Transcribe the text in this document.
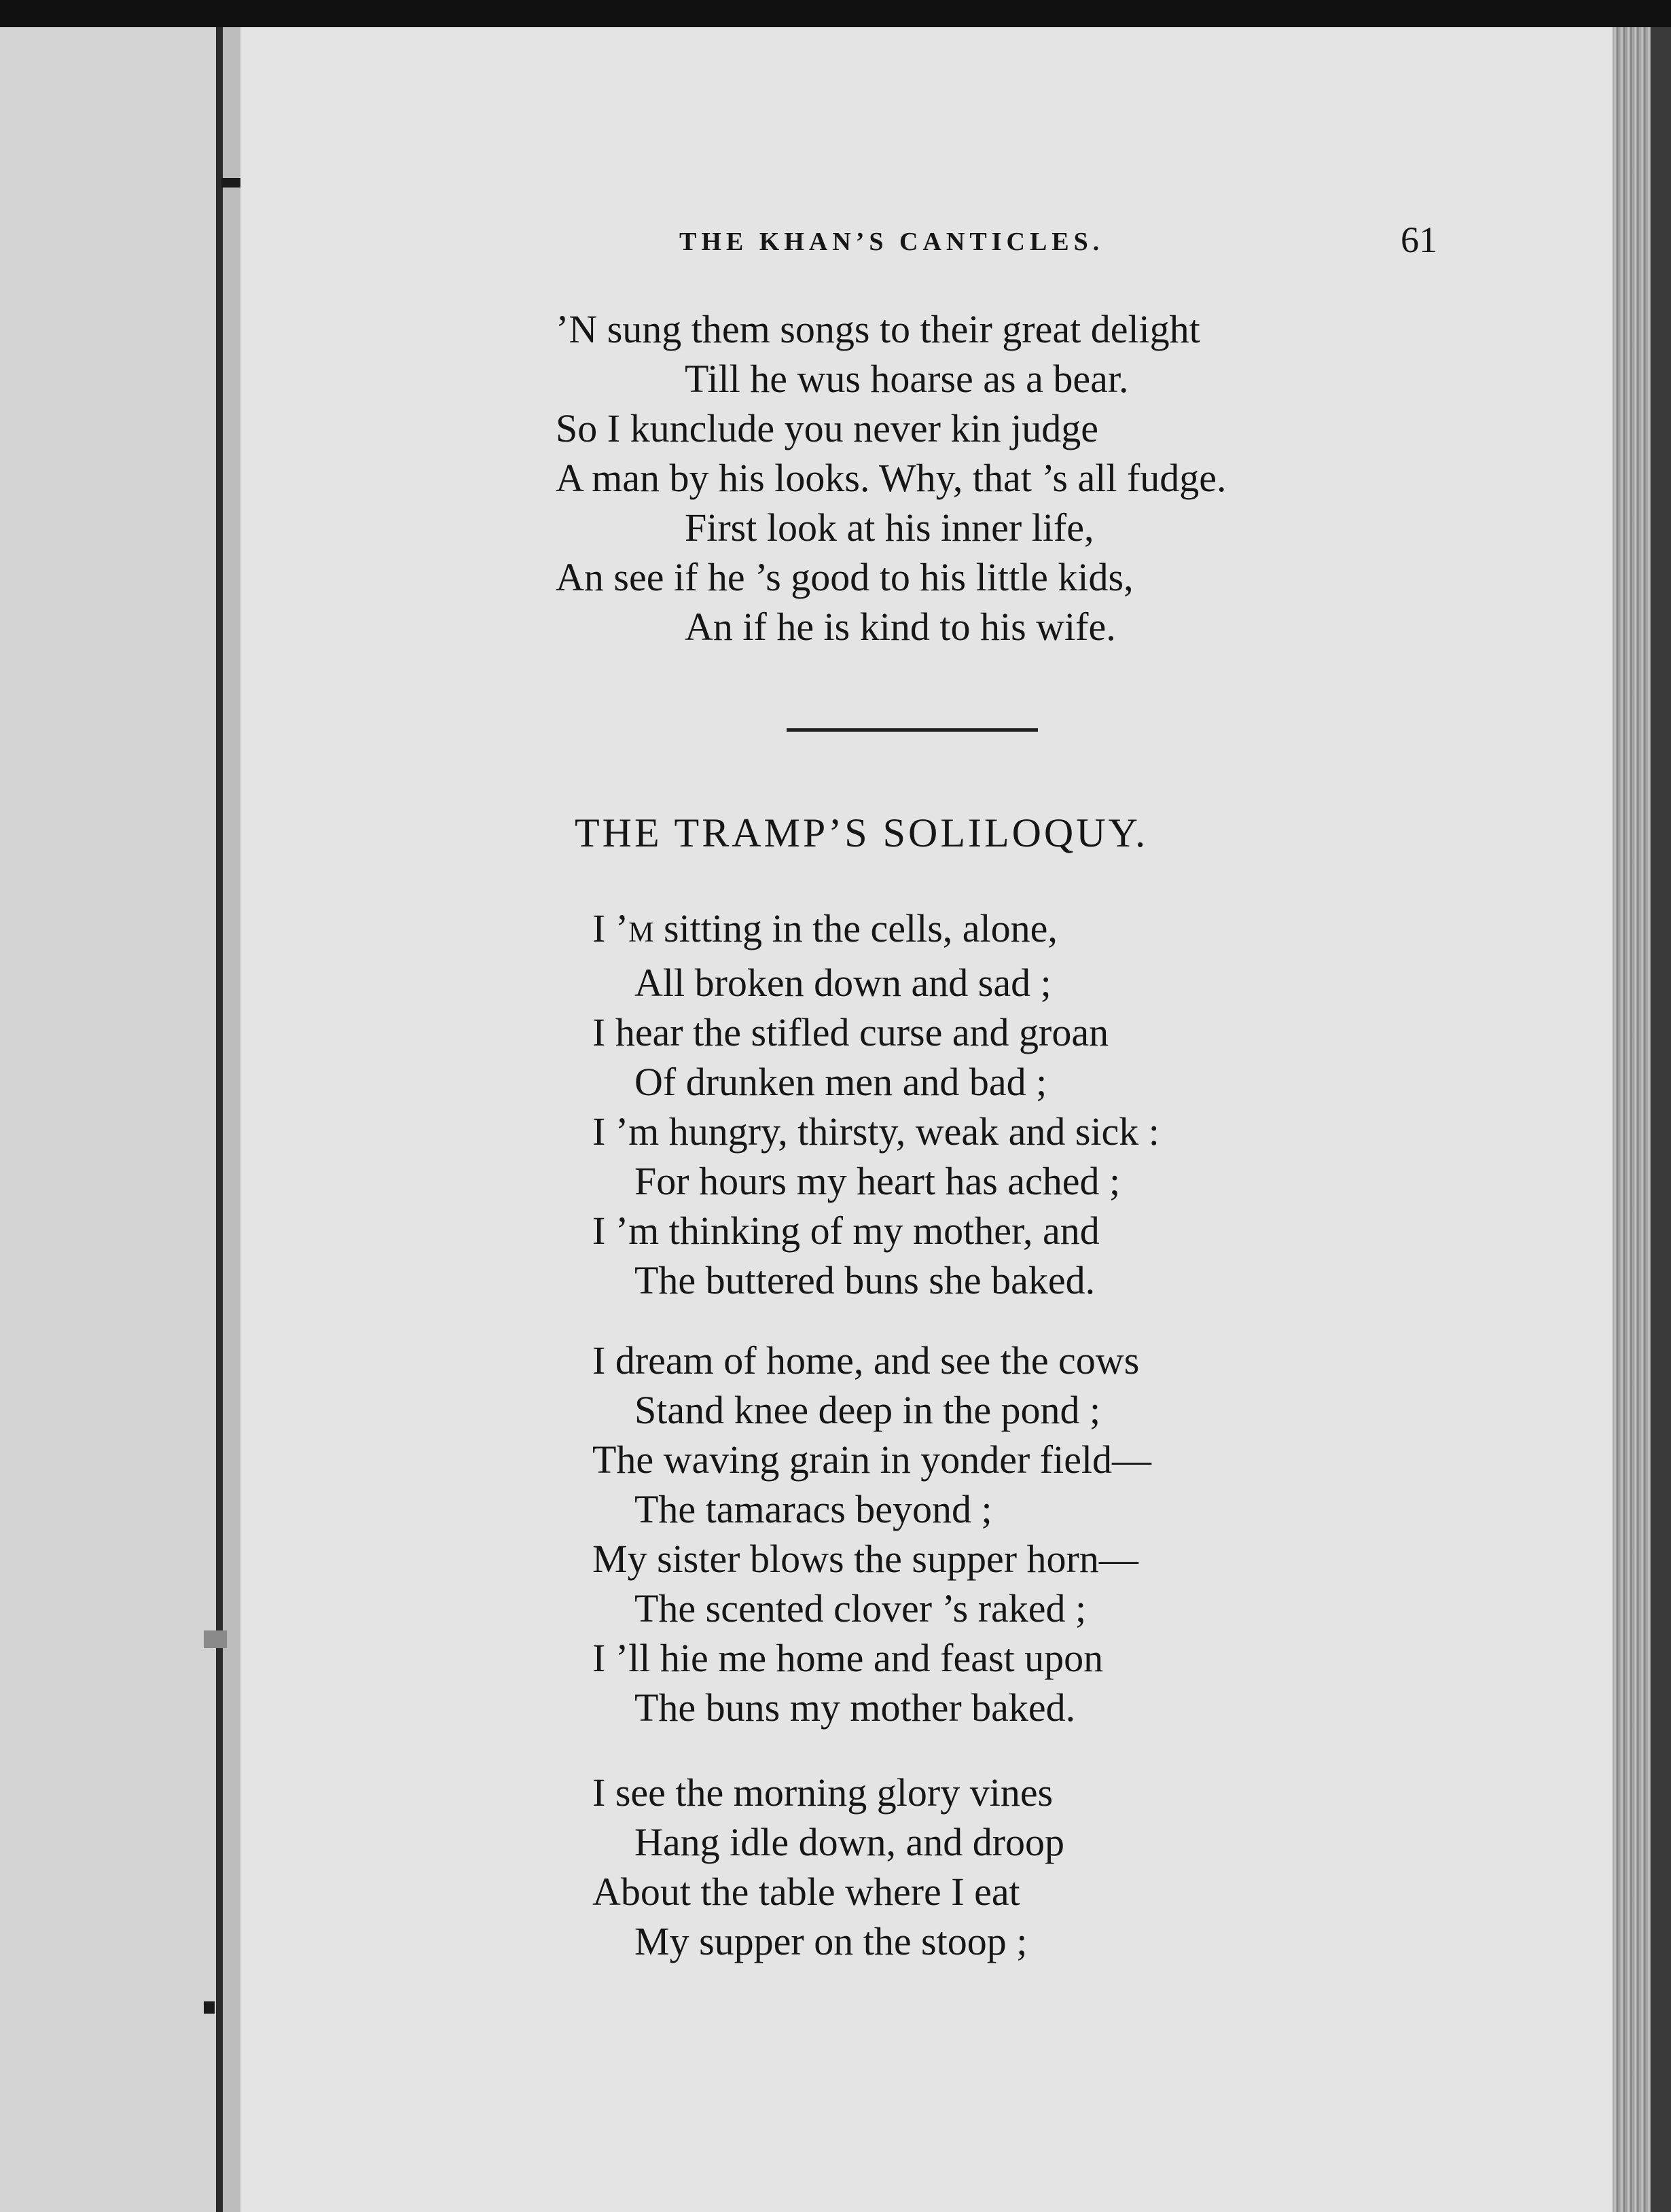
THE KHAN’S CANTICLES.	61
’N sung them songs to their great delight
Till he wus hoarse as a bear.
So I kunclude you never kin judge
A man by his looks. Why, that ’s all fudge.
First look at his inner life,
An see if he ’s good to his little kids,
An if he is kind to his wife.
THE TRAMP’S SOLILOQUY.
I ’M sitting in the cells, alone,
All broken down and sad ;
I hear the stifled curse and groan
Of drunken men and bad ;
I ’m hungry, thirsty, weak and sick :
For hours my heart has ached ;
I ’m thinking of my mother, and
The buttered buns she baked.
I dream of home, and see the cows
Stand knee deep in the pond ;
The waving grain in yonder field—
The tamaracs beyond ;
My sister blows the supper horn—
The scented clover ’s raked ;
I ’ll hie me home and feast upon
The buns my mother baked.
I see the morning glory vines
Hang idle down, and droop
About the table where I eat
My supper on the stoop ;
